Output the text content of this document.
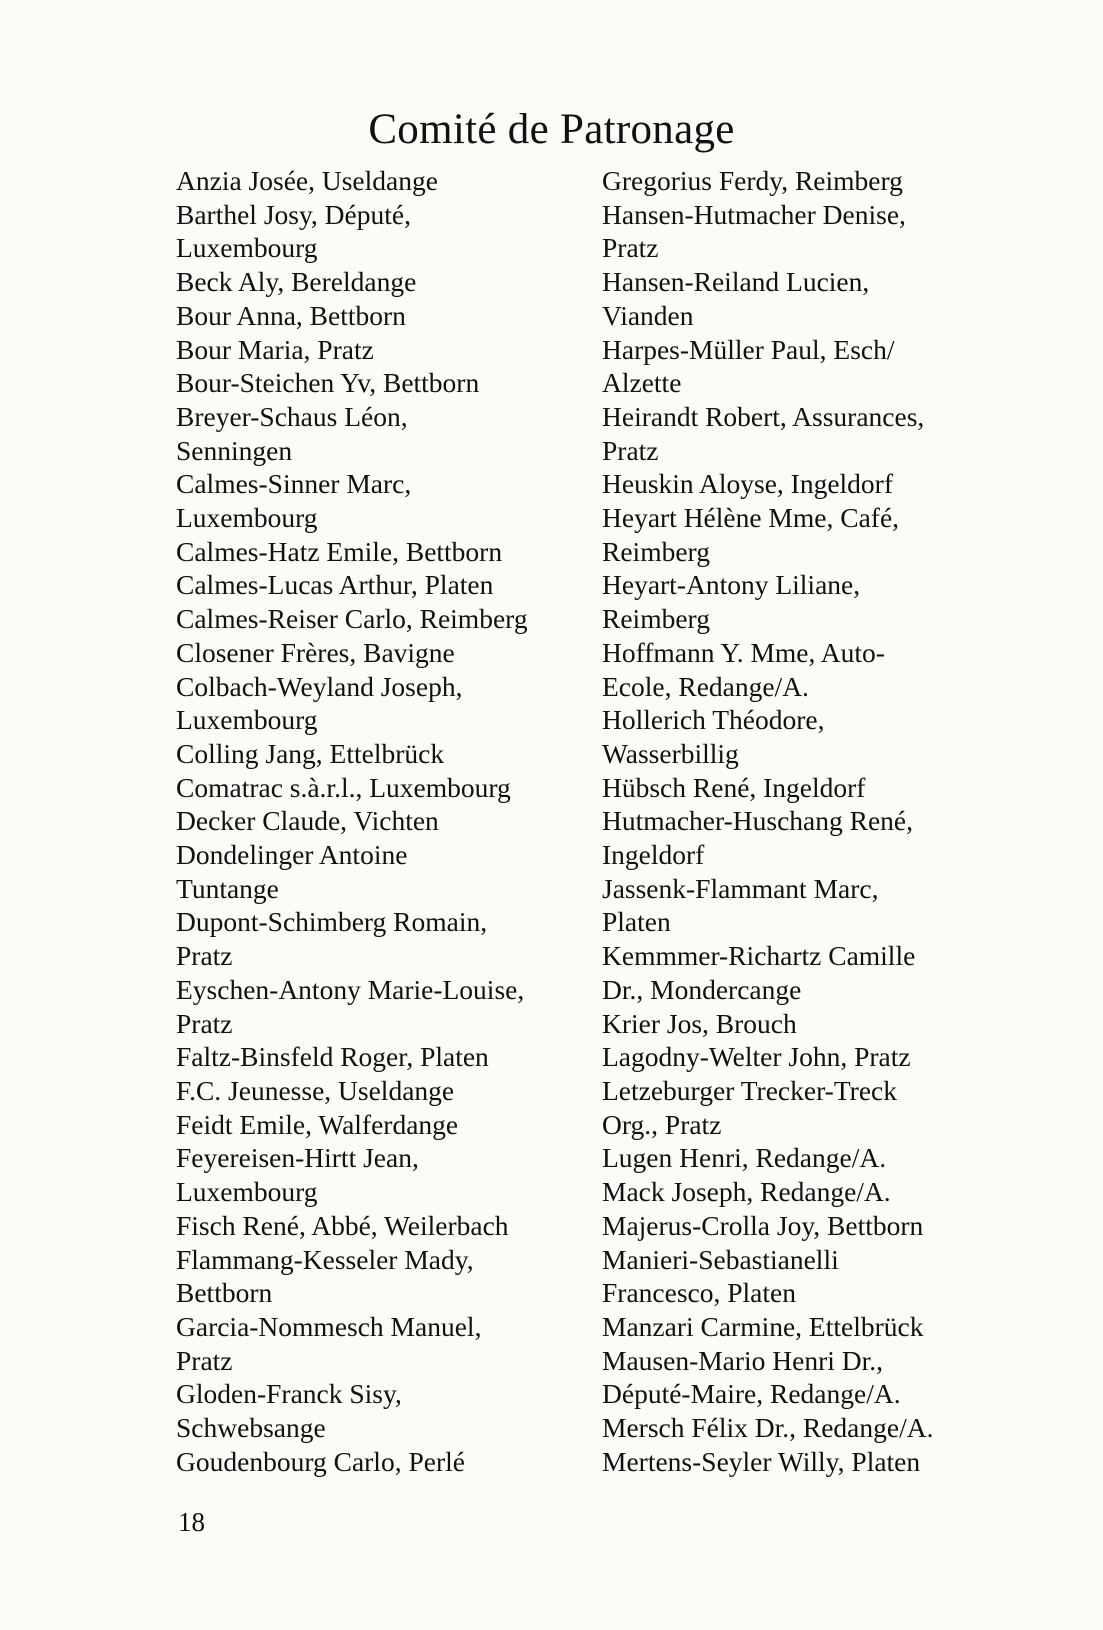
Comité de Patronage
Anzia Josée, Useldange
Barthel Josy, Député,
Luxembourg
Beck Aly, Bereldange
Bour Anna, Bettborn
Bour Maria, Pratz
Bour-Steichen Yv, Bettborn
Breyer-Schaus Léon,
Senningen
Calmes-Sinner Marc,
Luxembourg
Calmes-Hatz Emile, Bettborn
Calmes-Lucas Arthur, Platen
Calmes-Reiser Carlo, Reimberg
Closener Frères, Bavigne
Colbach-Weyland Joseph,
Luxembourg
Colling Jang, Ettelbrück
Comatrac s.à.r.l., Luxembourg
Decker Claude, Vichten
Dondelinger Antoine
Tuntange
Dupont-Schimberg Romain,
Pratz
Eyschen-Antony Marie-Louise,
Pratz
Faltz-Binsfeld Roger, Platen
F.C. Jeunesse, Useldange
Feidt Emile, Walferdange
Feyereisen-Hirtt Jean,
Luxembourg
Fisch René, Abbé, Weilerbach
Flammang-Kesseler Mady,
Bettborn
Garcia-Nommesch Manuel,
Pratz
Gloden-Franck Sisy,
Schwebsange
Goudenbourg Carlo, Perlé
Gregorius Ferdy, Reimberg
Hansen-Hutmacher Denise,
Pratz
Hansen-Reiland Lucien,
Vianden
Harpes-Müller Paul, Esch/
Alzette
Heirandt Robert, Assurances,
Pratz
Heuskin Aloyse, Ingeldorf
Heyart Hélène Mme, Café,
Reimberg
Heyart-Antony Liliane,
Reimberg
Hoffmann Y. Mme, Auto-
Ecole, Redange/A.
Hollerich Théodore,
Wasserbillig
Hübsch René, Ingeldorf
Hutmacher-Huschang René,
Ingeldorf
Jassenk-Flammant Marc,
Platen
Kemmmer-Richartz Camille
Dr., Mondercange
Krier Jos, Brouch
Lagodny-Welter John, Pratz
Letzeburger Trecker-Treck
Org., Pratz
Lugen Henri, Redange/A.
Mack Joseph, Redange/A.
Majerus-Crolla Joy, Bettborn
Manieri-Sebastianelli
Francesco, Platen
Manzari Carmine, Ettelbrück
Mausen-Mario Henri Dr.,
Député-Maire, Redange/A.
Mersch Félix Dr., Redange/A.
Mertens-Seyler Willy, Platen
18
